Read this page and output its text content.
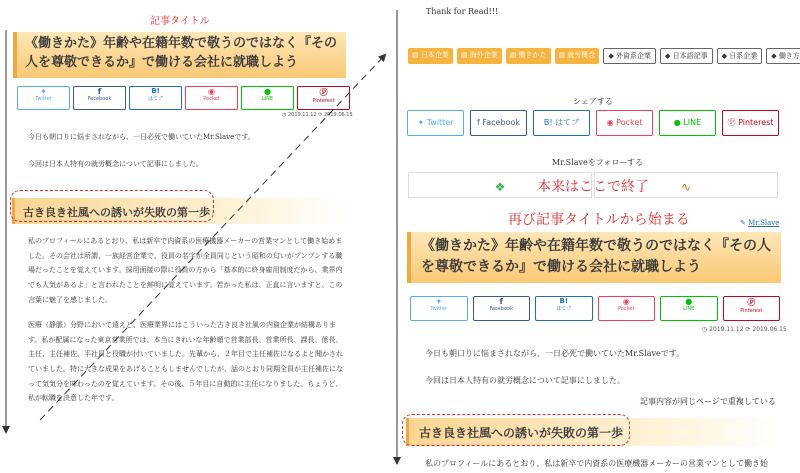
記事タイトル
《働きかた》年齢や在籍年数で敬うのではなく『その人を尊敬できるか』で働ける会社に就職しよう
✦
Twitter
f
Facebook
B!
はてブ
◉
Pocket
●
LINE
Ⓟ
Pinterest
◷ 2019.11.12 ⟳ 2019.06.15
今日も朝口りに悩まされながら、一日必死で働いていたMr.Slaveです。
今回は日本人特有の就労概念について記事にしました。
古き良き社風への誘いが失敗の第一歩
私のプロフィールにあるとおり、私は新卒で内資系の医療機器メーカーの営業マンとして働き始めました。その会社は所謂、一族経営企業で、役員の名字が全員同じという昭和の匂いがプンプンする職場だったことを覚えています。採用面接の際に役員の方から「基本的に終身雇用制度だから、業界内でも人気があるよ」と言われたことを鮮明に覚えています。若かった私は、正直に言いますと、この言葉に魅了を感じました。
医療（静脈）分野において遠えど、医療業界にはこういった古き良き社風の内資企業が結構あります。私が配属になった東京営業所では、本当にきれいな年齢順で営業部長、営業所長、課長、係長、主任、主任補佐、平社員と役職が付いていました。先輩から、２年目で主任補佐になるよと聞かされていました。特に大きな成果をあげることもしませんでしたが、話のとおり同期全員が主任補佐になって気気分を味わったのを覚えています。その後、５年目に自動的に主任になりました。ちょうど、私が転職を決意した年です。
Thank for Read!!!
▤ 日本企業	▤ 海外企業	▤ 働きかた	▤ 就労概念	◆ 外資系企業	◆ 日本語記事	◆ 日系企業	◆ 働き方
シェアする
✦ Twitter	f Facebook	B! はてブ	◉ Pocket	● LINE	Ⓟ Pinterest
Mr.Slaveをフォローする
❖	∿
本来はここで終了
再び記事タイトルから始まる	✎ Mr.Slave
《働きかた》年齢や在籍年数で敬うのではなく『その人を尊敬できるか』で働ける会社に就職しよう
✦
Twitter
f
Facebook
B!
はてブ
◉
Pocket
●
LINE
Ⓟ
Pinterest
◷ 2019.11.12 ⟳ 2019.06.15
今日も朝口りに悩まされながら、一日必死で働いていたMr.Slaveです。
今回は日本人特有の就労概念について記事にしました。
記事内容が同じページで重複している
古き良き社風への誘いが失敗の第一歩
私のプロフィールにあるとおり、私は新卒で内資系の医療機器メーカーの営業マンとして働き始
